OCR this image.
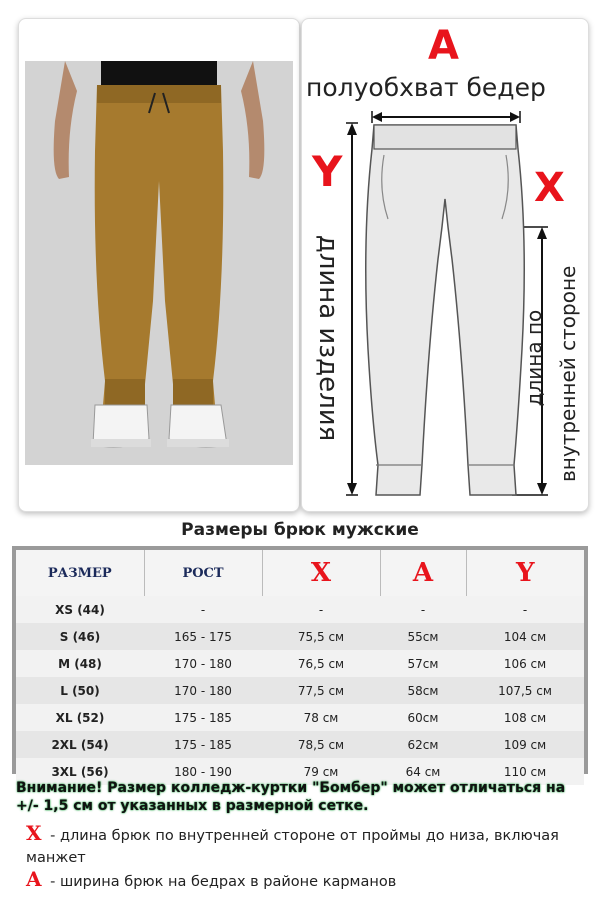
A
полуобхват бедер
Y	X
длина изделия	длина по внутренней стороне
Размеры брюк мужские
РАЗМЕР	РОСТ	X	A	Y
XS (44)	-	-	-	-
S (46)	165 - 175	75,5 см	55см	104 см
M (48)	170 - 180	76,5 см	57см	106 см
L (50)	170 - 180	77,5 см	58см	107,5 см
XL (52)	175 - 185	78 см	60см	108 см
2XL (54)	175 - 185	78,5 см	62см	109 см
3XL (56)	180 - 190	79 см	64 см	110 см
Внимание! Размер колледж-куртки "Бомбер" может отличаться на +/- 1,5 см от указанных в размерной сетке.
X - длина брюк по внутренней стороне от проймы до низа, включая манжет
A - ширина брюк на бедрах в районе карманов
